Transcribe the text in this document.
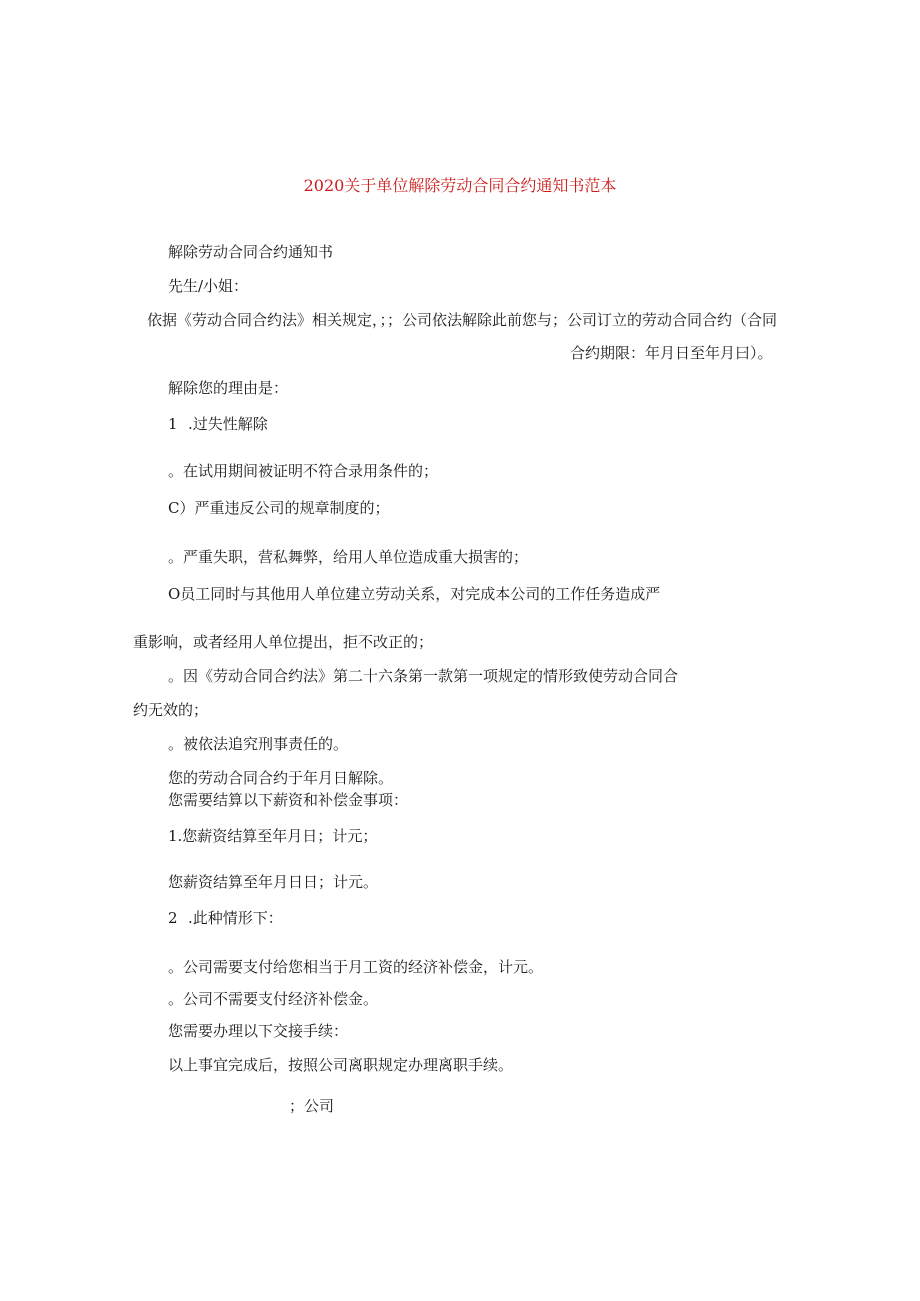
2020关于单位解除劳动合同合约通知书范本

解除劳动合同合约通知书

先生/小姐：

依据《劳动合同合约法》相关规定，；；公司依法解除此前您与；公司订立的劳动合同合约（合同

合约期限：年月日至年月曰）。

解除您的理由是：

1 .过失性解除

。在试用期间被证明不符合录用条件的；

C）严重违反公司的规章制度的；

。严重失职，营私舞弊，给用人单位造成重大损害的；

O员工同时与其他用人单位建立劳动关系，对完成本公司的工作任务造成严

重影响，或者经用人单位提出，拒不改正的；

。因《劳动合同合约法》第二十六条第一款第一项规定的情形致使劳动合同合

约无效的；

。被依法追究刑事责任的。

您的劳动合同合约于年月日解除。

您需要结算以下薪资和补偿金事项：

1.您薪资结算至年月日；计元；

您薪资结算至年月日日；计元。

2 .此种情形下：

。公司需要支付给您相当于月工资的经济补偿金，计元。

。公司不需要支付经济补偿金。

您需要办理以下交接手续：

以上事宜完成后，按照公司离职规定办理离职手续。

；公司
